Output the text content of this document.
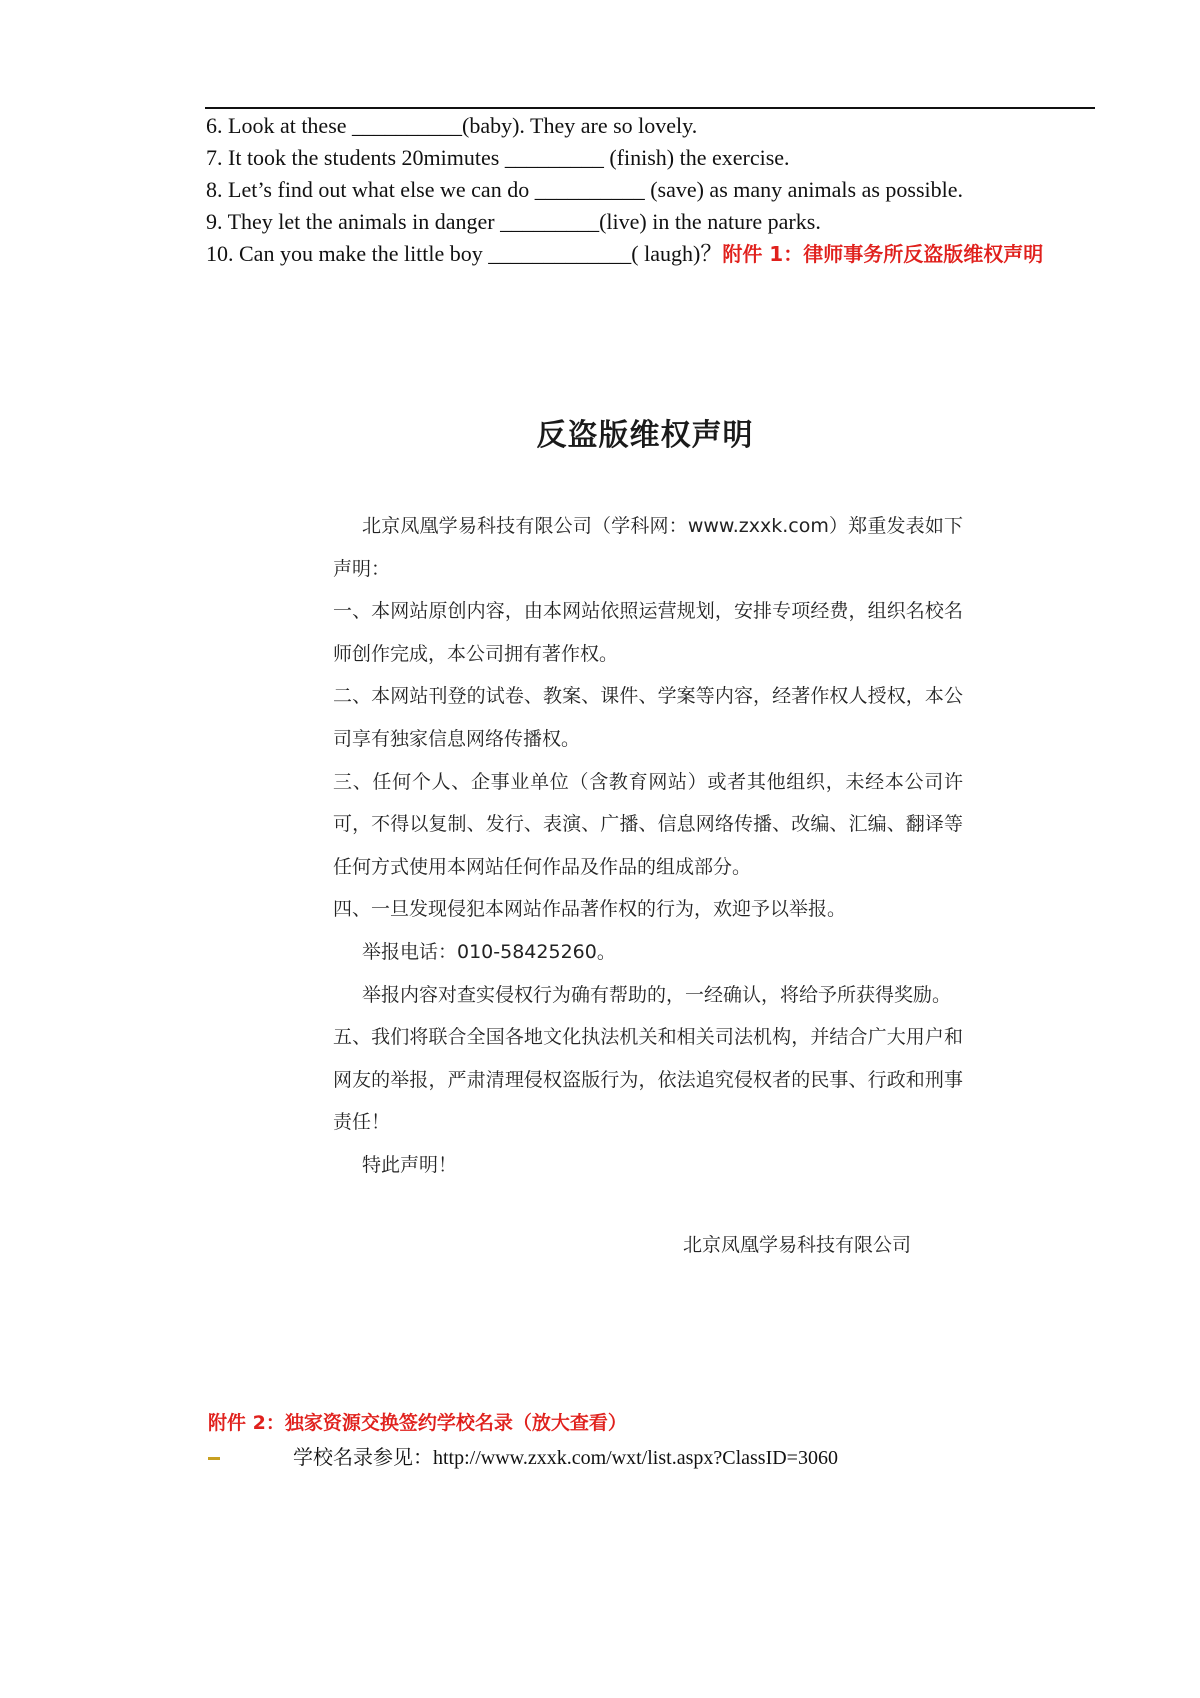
6. Look at these __________(baby). They are so lovely.
7. It took the students 20mimutes _________ (finish) the exercise.
8. Let’s find out what else we can do __________ (save) as many animals as possible.
9. They let the animals in danger _________(live) in the nature parks.
10. Can you make the little boy _____________( laugh)？附件 1：律师事务所反盗版维权声明
反盗版维权声明

北京凤凰学易科技有限公司（学科网：www.zxxk.com）郑重发表如下声明：

一、本网站原创内容，由本网站依照运营规划，安排专项经费，组织名校名师创作完成，本公司拥有著作权。

二、本网站刊登的试卷、教案、课件、学案等内容，经著作权人授权，本公司享有独家信息网络传播权。

三、任何个人、企事业单位（含教育网站）或者其他组织，未经本公司许可，不得以复制、发行、表演、广播、信息网络传播、改编、汇编、翻译等任何方式使用本网站任何作品及作品的组成部分。

四、一旦发现侵犯本网站作品著作权的行为，欢迎予以举报。

举报电话：010-58425260。

举报内容对查实侵权行为确有帮助的，一经确认，将给予所获得奖励。

五、我们将联合全国各地文化执法机关和相关司法机构，并结合广大用户和网友的举报，严肃清理侵权盗版行为，依法追究侵权者的民事、行政和刑事责任！

特此声明！

北京凤凰学易科技有限公司
附件 2：独家资源交换签约学校名录（放大查看）
学校名录参见：http://www.zxxk.com/wxt/list.aspx?ClassID=3060
